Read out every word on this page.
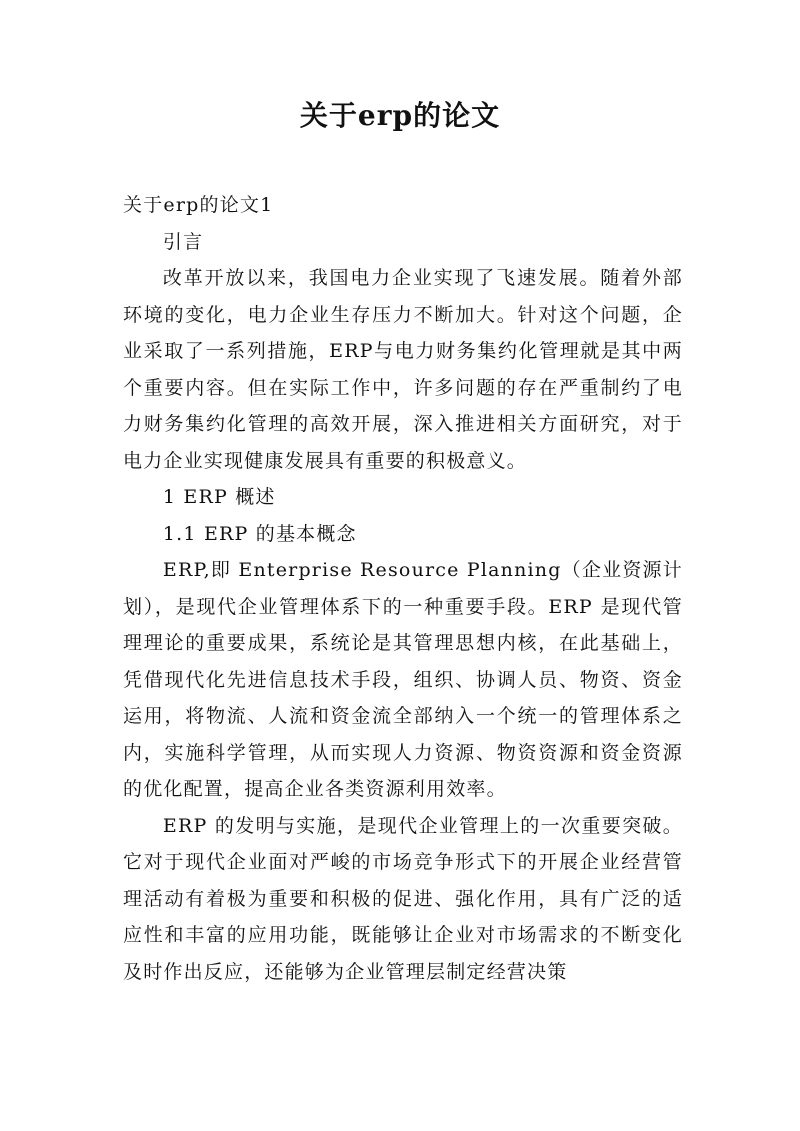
关于erp的论文

关于erp的论文1

引言

改革开放以来，我国电力企业实现了飞速发展。随着外部环境的变化，电力企业生存压力不断加大。针对这个问题，企业采取了一系列措施，ERP与电力财务集约化管理就是其中两个重要内容。但在实际工作中，许多问题的存在严重制约了电力财务集约化管理的高效开展，深入推进相关方面研究，对于电力企业实现健康发展具有重要的积极意义。

1 ERP 概述

1.1 ERP 的基本概念

ERP,即 Enterprise Resource Planning（企业资源计划），是现代企业管理体系下的一种重要手段。ERP 是现代管理理论的重要成果，系统论是其管理思想内核，在此基础上，凭借现代化先进信息技术手段，组织、协调人员、物资、资金运用，将物流、人流和资金流全部纳入一个统一的管理体系之内，实施科学管理，从而实现人力资源、物资资源和资金资源的优化配置，提高企业各类资源利用效率。

ERP 的发明与实施，是现代企业管理上的一次重要突破。它对于现代企业面对严峻的市场竞争形式下的开展企业经营管理活动有着极为重要和积极的促进、强化作用，具有广泛的适应性和丰富的应用功能，既能够让企业对市场需求的不断变化及时作出反应，还能够为企业管理层制定经营决策
